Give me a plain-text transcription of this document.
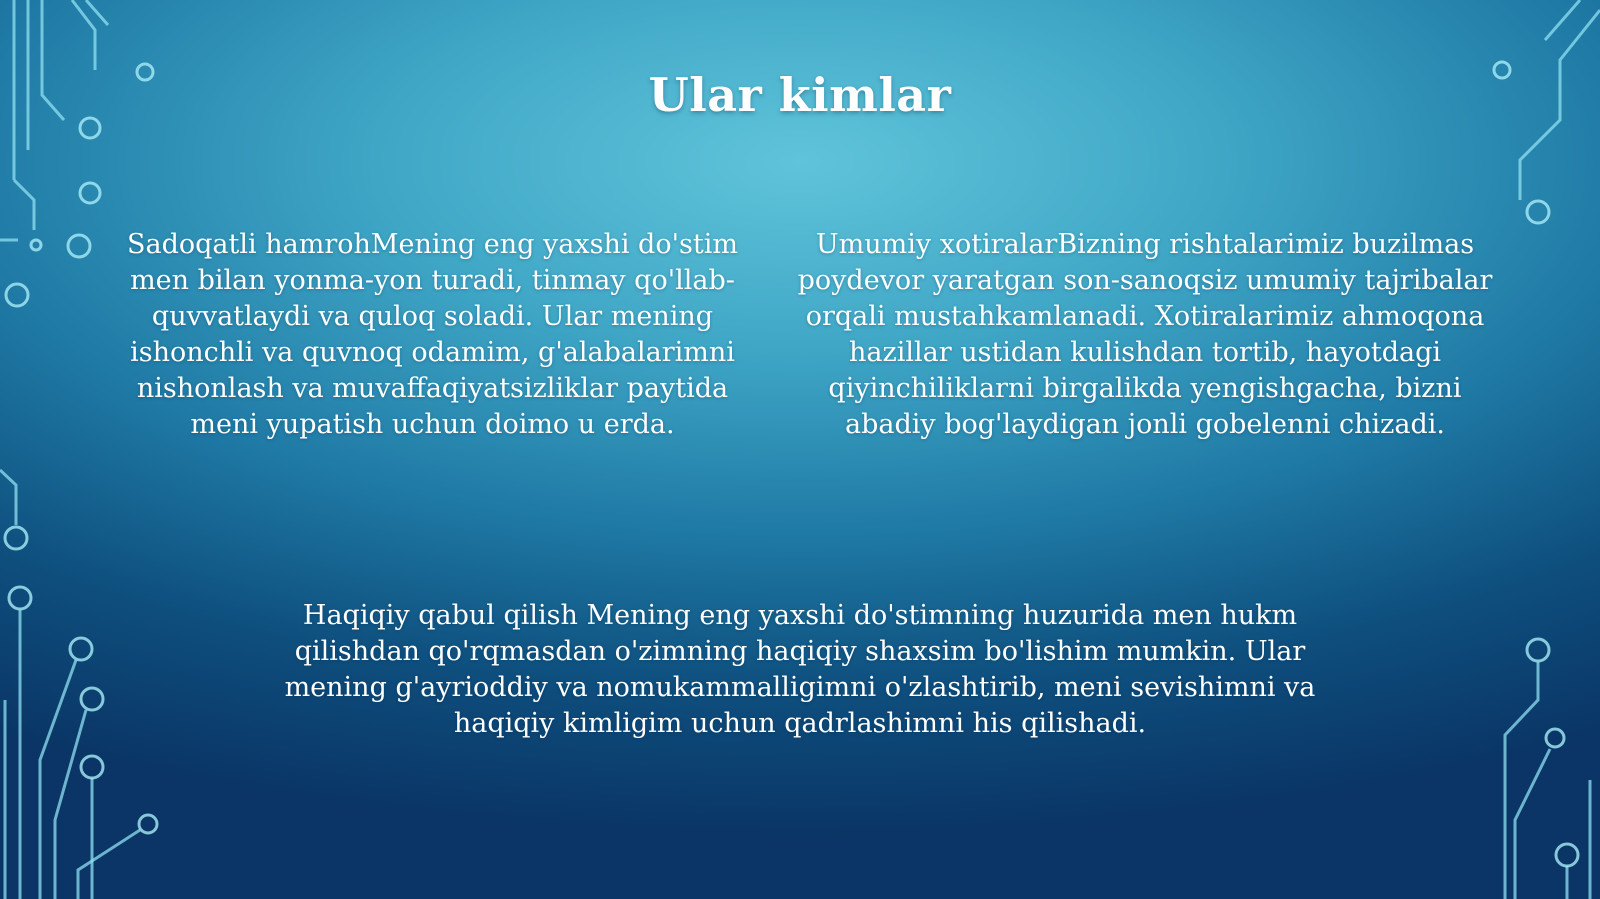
Ular kimlar

Sadoqatli hamrohMening eng yaxshi do'stim men bilan yonma-yon turadi, tinmay qo'llab-quvvatlaydi va quloq soladi. Ular mening ishonchli va quvnoq odamim, g'alabalarimni nishonlash va muvaffaqiyatsizliklar paytida meni yupatish uchun doimo u erda.

Umumiy xotiralarBizning rishtalarimiz buzilmas poydevor yaratgan son-sanoqsiz umumiy tajribalar orqali mustahkamlanadi. Xotiralarimiz ahmoqona hazillar ustidan kulishdan tortib, hayotdagi qiyinchiliklarni birgalikda yengishgacha, bizni abadiy bog'laydigan jonli gobelenni chizadi.

Haqiqiy qabul qilish Mening eng yaxshi do'stimning huzurida men hukm qilishdan qo'rqmasdan o'zimning haqiqiy shaxsim bo'lishim mumkin. Ular mening g'ayrioddiy va nomukammalligimni o'zlashtirib, meni sevishimni va haqiqiy kimligim uchun qadrlashimni his qilishadi.
